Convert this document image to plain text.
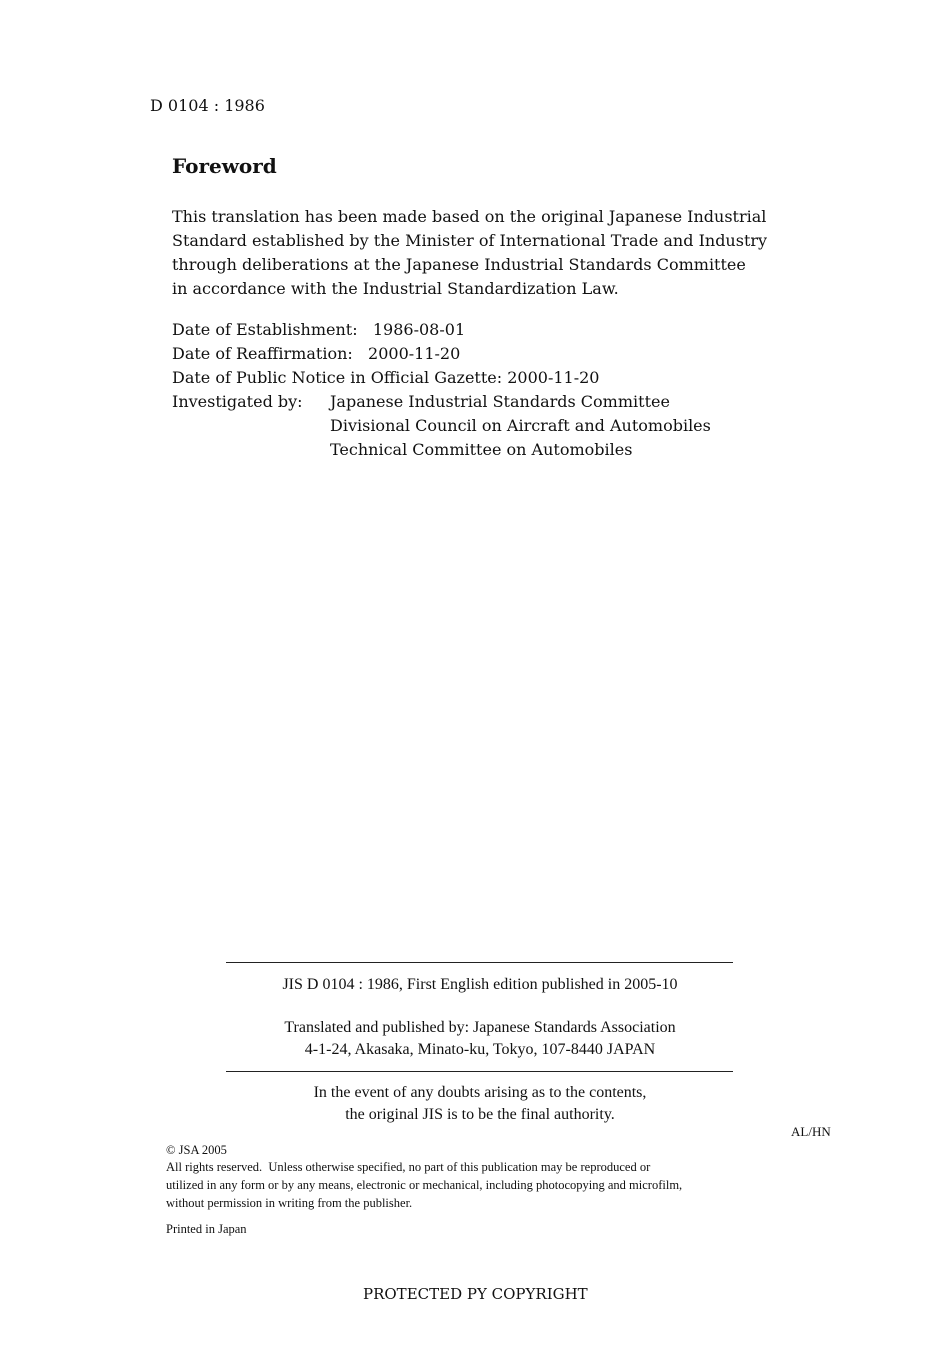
D 0104 : 1986
Foreword
This translation has been made based on the original Japanese Industrial
Standard established by the Minister of International Trade and Industry
through deliberations at the Japanese Industrial Standards Committee
in accordance with the Industrial Standardization Law.
Date of Establishment:   1986-08-01
Date of Reaffirmation:   2000-11-20
Date of Public Notice in Official Gazette: 2000-11-20
Investigated by:	Japanese Industrial Standards Committee
Divisional Council on Aircraft and Automobiles
Technical Committee on Automobiles
JIS D 0104 : 1986, First English edition published in 2005-10
Translated and published by: Japanese Standards Association
4-1-24, Akasaka, Minato-ku, Tokyo, 107-8440 JAPAN
In the event of any doubts arising as to the contents,
the original JIS is to be the final authority.
AL/HN
© JSA 2005
All rights reserved.  Unless otherwise specified, no part of this publication may be reproduced or
utilized in any form or by any means, electronic or mechanical, including photocopying and microfilm,
without permission in writing from the publisher.
Printed in Japan
PROTECTED PY COPYRIGHT
